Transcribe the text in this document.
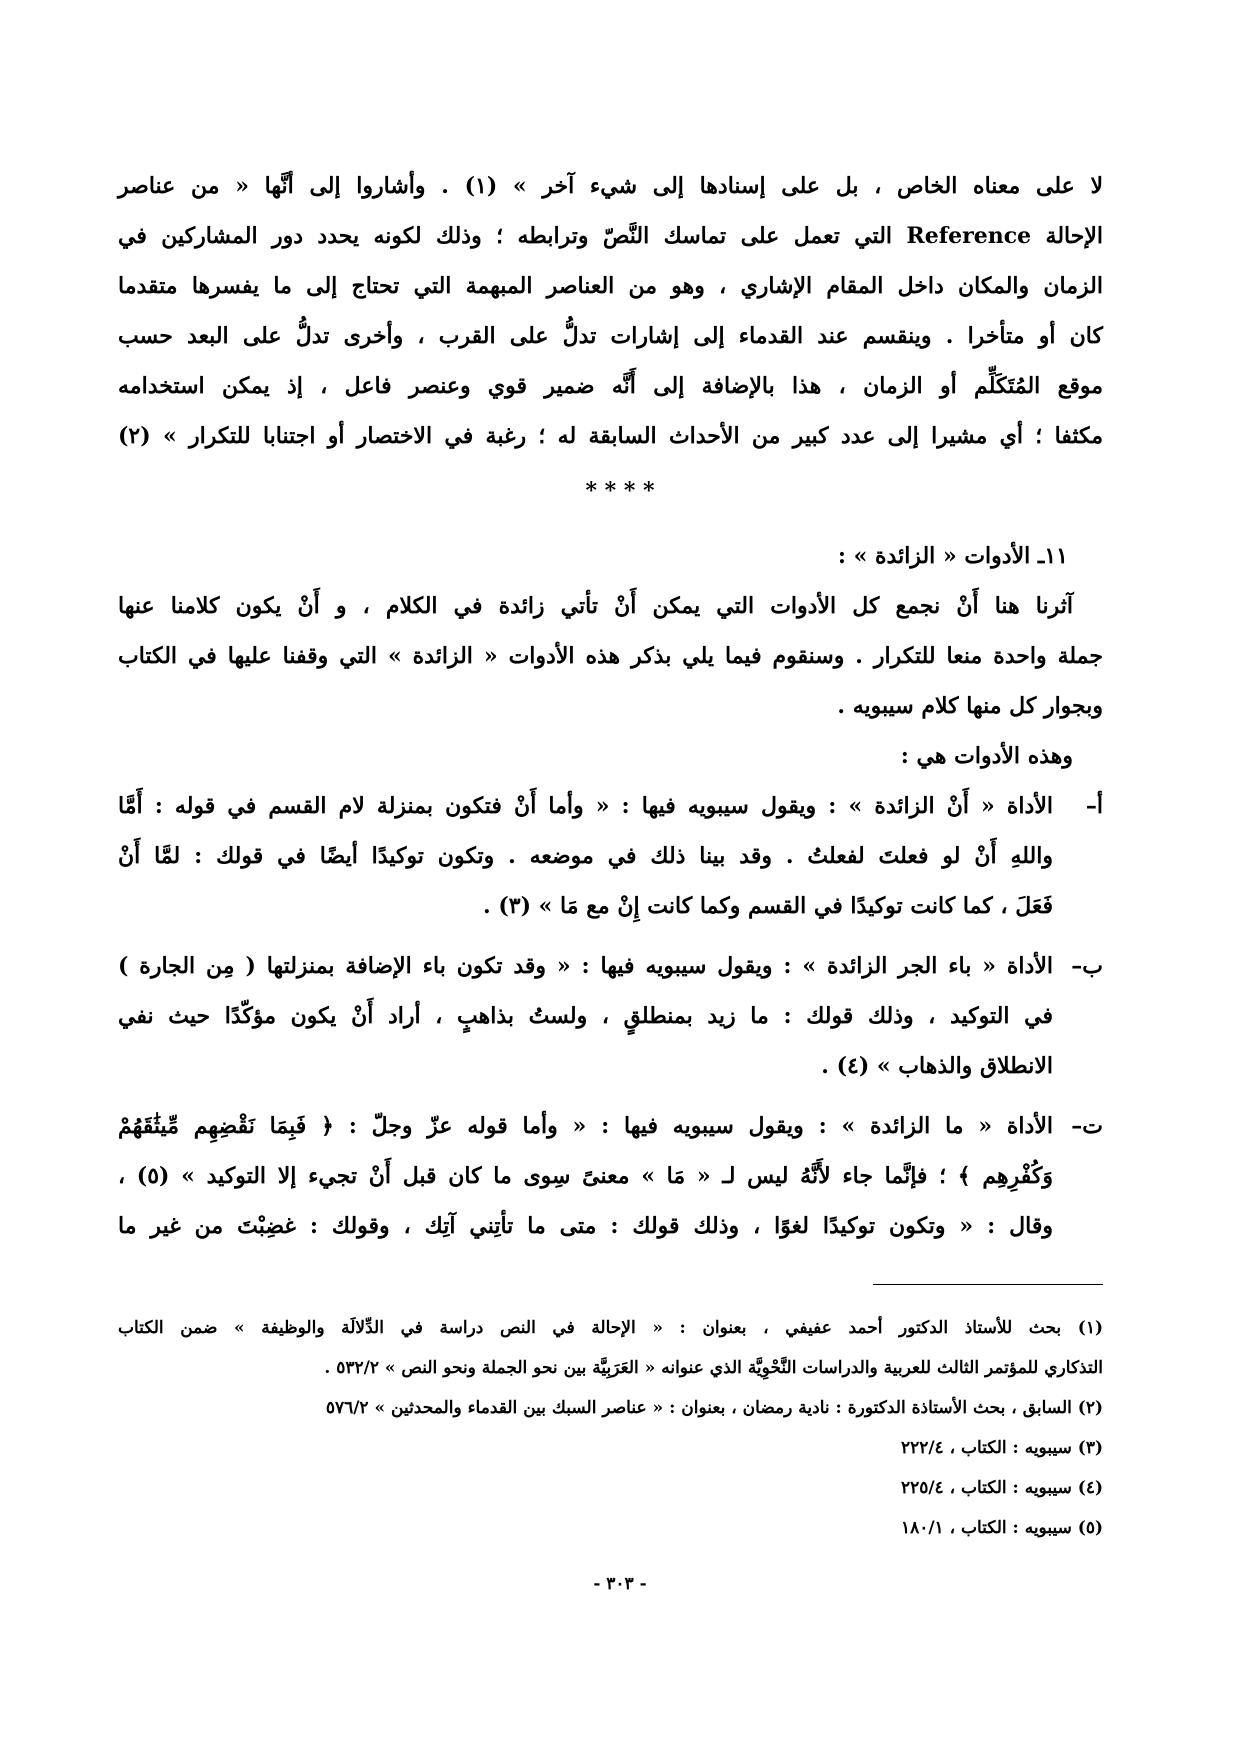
لا على معناه الخاص ، بل على إسنادها إلى شيء آخر » (١) . وأشاروا إلى أنَّها « من عناصر
الإحالة Reference التي تعمل على تماسك النَّصّ وترابطه ؛ وذلك لكونه يحدد دور المشاركين في
الزمان والمكان داخل المقام الإشاري ، وهو من العناصر المبهمة التي تحتاج إلى ما يفسرها متقدما
كان أو متأخرا . وينقسم عند القدماء إلى إشارات تدلُّ على القرب ، وأخرى تدلُّ على البعد حسب
موقع المُتَكَلِّم أو الزمان ، هذا بالإضافة إلى أَنَّه ضمير قوي وعنصر فاعل ، إذ يمكن استخدامه
مكثفا ؛ أي مشيرا إلى عدد كبير من الأحداث السابقة له ؛ رغبة في الاختصار أو اجتنابا للتكرار » (٢)
* * * *
١١ـ الأدوات « الزائدة » :
آثرنا هنا أَنْ نجمع كل الأدوات التي يمكن أَنْ تأتي زائدة في الكلام ، و أَنْ يكون كلامنا عنها
جملة واحدة منعا للتكرار . وسنقوم فيما يلي بذكر هذه الأدوات « الزائدة » التي وقفنا عليها في الكتاب
وبجوار كل منها كلام سيبويه .
وهذه الأدوات هي :
أ–
الأداة « أَنْ الزائدة » : ويقول سيبويه فيها : « وأما أَنْ فتكون بمنزلة لام القسم في قوله : أَمَّا
واللهِ أَنْ لو فعلتَ لفعلتُ . وقد بينا ذلك في موضعه . وتكون توكيدًا أيضًا في قولك : لمَّا أَنْ
فَعَلَ ، كما كانت توكيدًا في القسم وكما كانت إِنْ مع مَا » (٣) .
ب–
الأداة « باء الجر الزائدة » : ويقول سيبويه فيها : « وقد تكون باء الإضافة بمنزلتها ( مِن الجارة )
في التوكيد ، وذلك قولك : ما زيد بمنطلقٍ ، ولستُ بذاهبٍ ، أراد أَنْ يكون مؤكّدًا حيث نفي
الانطلاق والذهاب » (٤) .
ت–
الأداة « ما الزائدة » : ويقول سيبويه فيها : « وأما قوله عزّ وجلّ : ﴿ فَبِمَا نَقْضِهِم مِّيثَٰقَهُمْ
وَكُفْرِهِم ﴾ ؛ فإنَّما جاء لأَنَّهُ ليس لـ « مَا » معنىً سِوى ما كان قبل أَنْ تجيء إلا التوكيد » (٥) ،
وقال : « وتكون توكيدًا لغوًا ، وذلك قولك : متى ما تأتِني آتِك ، وقولك : غضِبْتَ من غير ما
(١) بحث للأستاذ الدكتور أحمد عفيفي ، بعنوان : « الإحالة في النص دراسة في الدِّلالَة والوظيفة » ضمن الكتاب
التذكاري للمؤتمر الثالث للعربية والدراسات النَّحْوِيَّة الذي عنوانه « العَرَبِيَّة بين نحو الجملة ونحو النص » ٥٣٢/٢ .
(٢) السابق ، بحث الأستاذة الدكتورة : نادية رمضان ، بعنوان : « عناصر السبك بين القدماء والمحدثين » ٥٧٦/٢
(٣) سيبويه : الكتاب ، ٢٢٢/٤
(٤) سيبويه : الكتاب ، ٢٢٥/٤
(٥) سيبويه : الكتاب ، ١٨٠/١
- ٣٠٣ -
